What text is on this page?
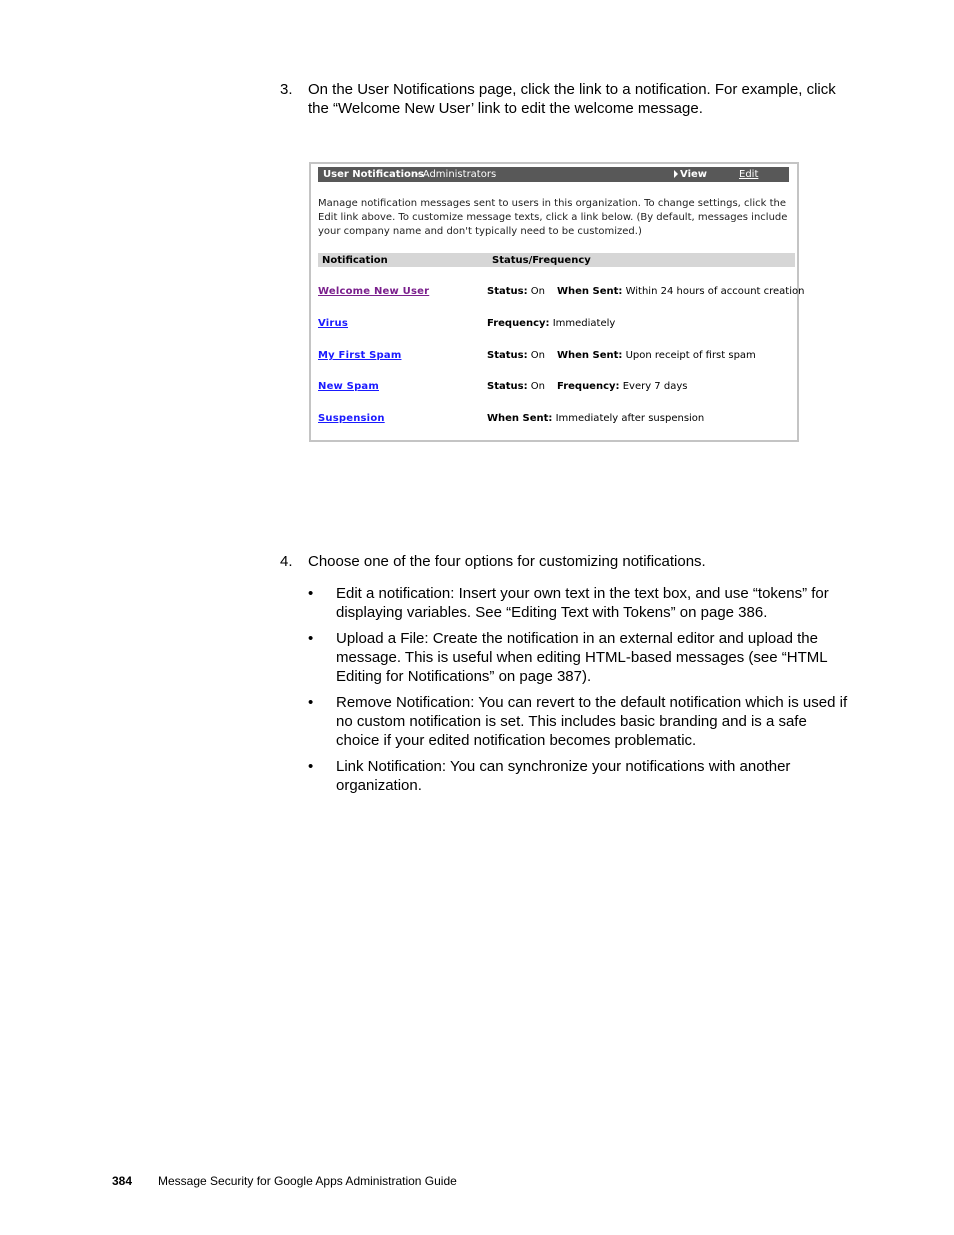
3. On the User Notifications page, click the link to a notification. For example, click the “Welcome New User’ link to edit the welcome message.
User Notifications
- Administrators	View	Edit
Manage notification messages sent to users in this organization. To change settings, click the Edit link above. To customize message texts, click a link below. (By default, messages include your company name and don't typically need to be customized.)
Notification	Status/Frequency
Welcome New User	Status: On When Sent: Within 24 hours of account creation
Virus	Frequency: Immediately
My First Spam	Status: On When Sent: Upon receipt of first spam
New Spam	Status: On Frequency: Every 7 days
Suspension	When Sent: Immediately after suspension
4. Choose one of the four options for customizing notifications.
• Edit a notification: Insert your own text in the text box, and use “tokens” for displaying variables. See “Editing Text with Tokens” on page 386.
• Upload a File: Create the notification in an external editor and upload the message. This is useful when editing HTML-based messages (see “HTML Editing for Notifications” on page 387).
• Remove Notification: You can revert to the default notification which is used if no custom notification is set. This includes basic branding and is a safe choice if your edited notification becomes problematic.
• Link Notification: You can synchronize your notifications with another organization.
384 Message Security for Google Apps Administration Guide
